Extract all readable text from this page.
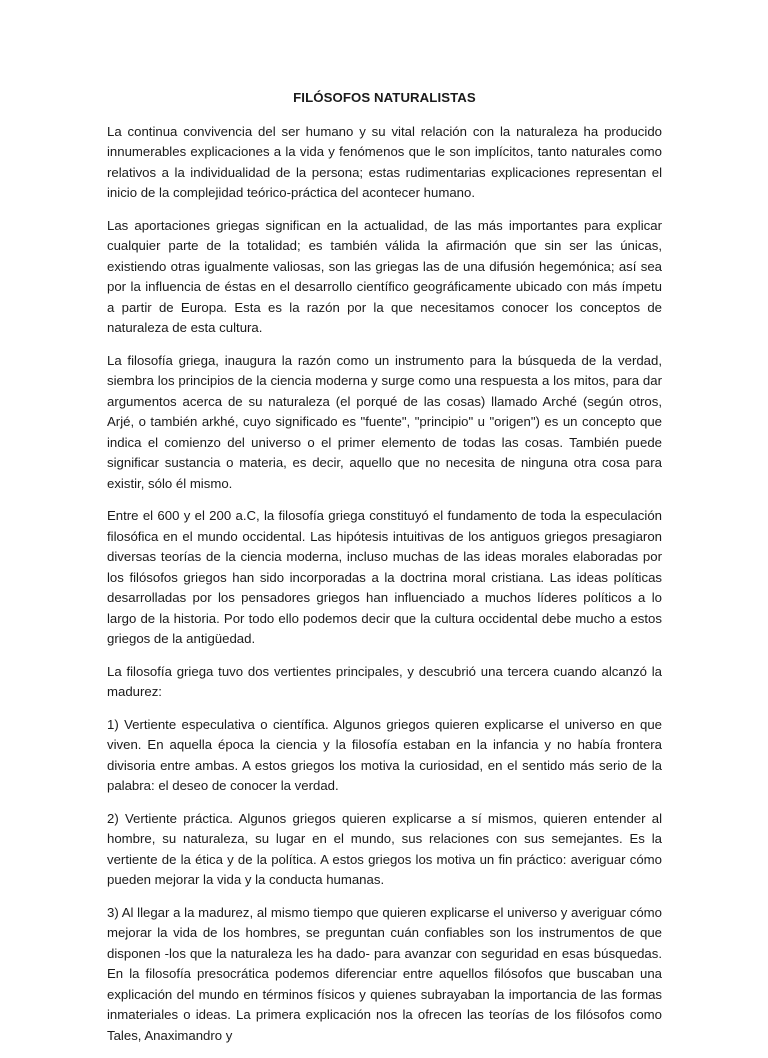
FILÓSOFOS NATURALISTAS

La continua convivencia del ser humano y su vital relación con la naturaleza ha producido innumerables explicaciones a la vida y fenómenos que le son implícitos, tanto naturales como relativos a la individualidad de la persona; estas rudimentarias explicaciones representan el inicio de la complejidad teórico-práctica del acontecer humano.

Las aportaciones griegas significan en la actualidad, de las más importantes para explicar cualquier parte de la totalidad; es también válida la afirmación que sin ser las únicas, existiendo otras igualmente valiosas, son las griegas las de una difusión hegemónica; así sea por la influencia de éstas en el desarrollo científico geográficamente ubicado con más ímpetu a partir de Europa. Esta es la razón por la que necesitamos conocer los conceptos de naturaleza de esta cultura.

La filosofía griega, inaugura la razón como un instrumento para la búsqueda de la verdad, siembra los principios de la ciencia moderna y surge como una respuesta a los mitos, para dar argumentos acerca de su naturaleza (el porqué de las cosas) llamado Arché (según otros, Arjé, o también arkhé, cuyo significado es "fuente", "principio" u "origen") es un concepto que indica el comienzo del universo o el primer elemento de todas las cosas. También puede significar sustancia o materia, es decir, aquello que no necesita de ninguna otra cosa para existir, sólo él mismo.

Entre el 600 y el 200 a.C, la filosofía griega constituyó el fundamento de toda la especulación filosófica en el mundo occidental. Las hipótesis intuitivas de los antiguos griegos presagiaron diversas teorías de la ciencia moderna, incluso muchas de las ideas morales elaboradas por los filósofos griegos han sido incorporadas a la doctrina moral cristiana. Las ideas políticas desarrolladas por los pensadores griegos han influenciado a muchos líderes políticos a lo largo de la historia. Por todo ello podemos decir que la cultura occidental debe mucho a estos griegos de la antigüedad.

La filosofía griega tuvo dos vertientes principales, y descubrió una tercera cuando alcanzó la madurez:

1) Vertiente especulativa o científica. Algunos griegos quieren explicarse el universo en que viven. En aquella época la ciencia y la filosofía estaban en la infancia y no había frontera divisoria entre ambas. A estos griegos los motiva la curiosidad, en el sentido más serio de la palabra: el deseo de conocer la verdad.

2) Vertiente práctica. Algunos griegos quieren explicarse a sí mismos, quieren entender al hombre, su naturaleza, su lugar en el mundo, sus relaciones con sus semejantes. Es la vertiente de la ética y de la política. A estos griegos los motiva un fin práctico: averiguar cómo pueden mejorar la vida y la conducta humanas.

3) Al llegar a la madurez, al mismo tiempo que quieren explicarse el universo y averiguar cómo mejorar la vida de los hombres, se preguntan cuán confiables son los instrumentos de que disponen -los que la naturaleza les ha dado- para avanzar con seguridad en esas búsquedas. En la filosofía presocrática podemos diferenciar entre aquellos filósofos que buscaban una explicación del mundo en términos físicos y quienes subrayaban la importancia de las formas inmateriales o ideas. La primera explicación nos la ofrecen las teorías de los filósofos como Tales, Anaximandro y
